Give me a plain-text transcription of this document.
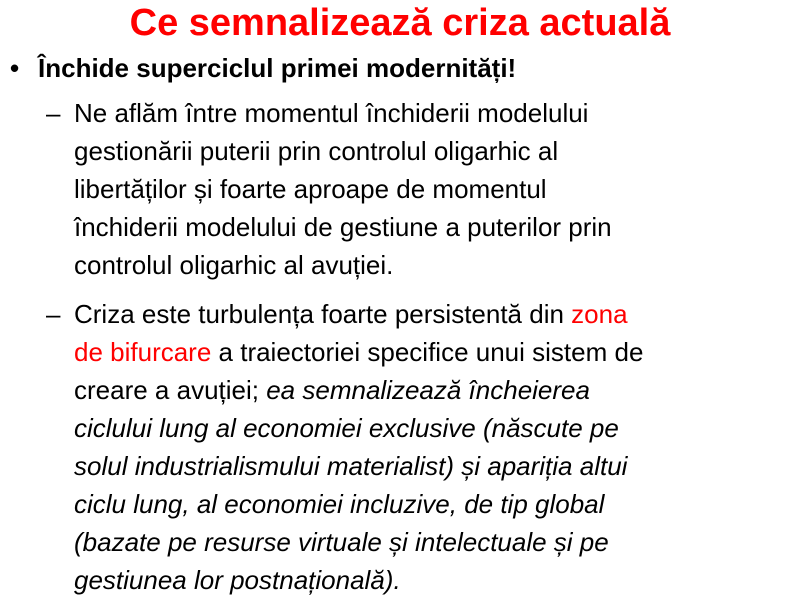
Ce semnalizează criza actuală
• Închide superciclul primei modernități!
– Ne aflăm între momentul închiderii modelului
gestionării puterii prin controlul oligarhic al
libertăților și foarte aproape de momentul
închiderii modelului de gestiune a puterilor prin
controlul oligarhic al avuției.
– Criza este turbulența foarte persistentă din zona
de bifurcare a traiectoriei specifice unui sistem de
creare a avuției; ea semnalizează încheierea
ciclului lung al economiei exclusive (născute pe
solul industrialismului materialist) și apariția altui
ciclu lung, al economiei incluzive, de tip global
(bazate pe resurse virtuale și intelectuale și pe
gestiunea lor postnațională).
